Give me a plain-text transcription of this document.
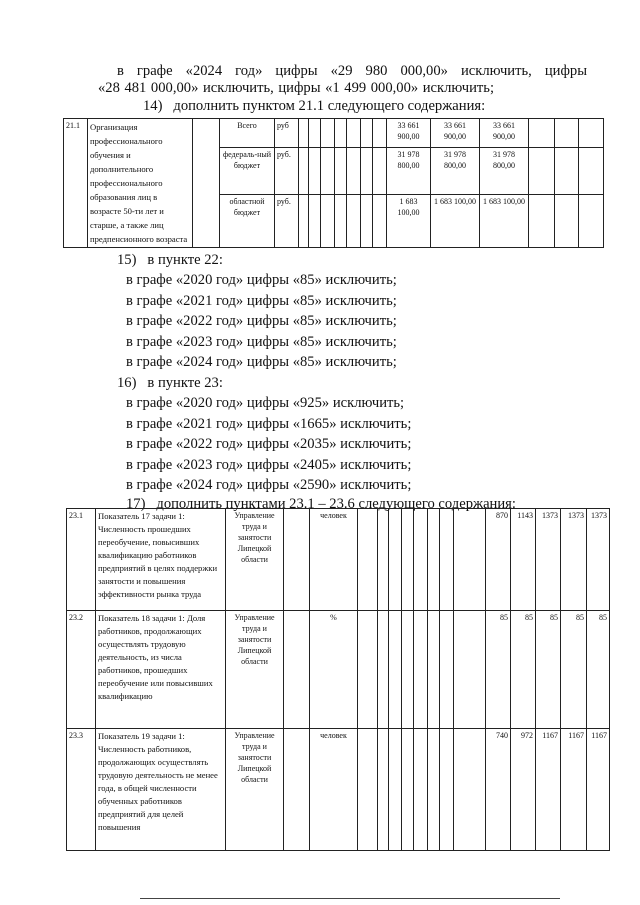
в графе «2024 год» цифры «29 980 000,00» исключить, цифры
«28 481 000,00» исключить, цифры «1 499 000,00» исключить;
14)   дополнить пунктом 21.1 следующего содержания:
21.1	Организация профессионального обучения и дополнительного профессионального образования лиц в возрасте 50-ти лет и старше, а также лиц предпенсионного возраста		Всего	руб								33 661 900,00	33 661 900,00	33 661 900,00			
			федераль-ный бюджет	руб.								31 978 800,00	31 978 800,00	31 978 800,00			
			областной бюджет	руб.								1 683 100,00	1 683 100,00	1 683 100,00			
15)   в пункте 22:
в графе «2020 год» цифры «85» исключить;
в графе «2021 год» цифры «85» исключить;
в графе «2022 год» цифры «85» исключить;
в графе «2023 год» цифры «85» исключить;
в графе «2024 год» цифры «85» исключить;
16)   в пункте 23:
в графе «2020 год» цифры «925» исключить;
в графе «2021 год» цифры «1665» исключить;
в графе «2022 год» цифры «2035» исключить;
в графе «2023 год» цифры «2405» исключить;
в графе «2024 год» цифры «2590» исключить;
17)   дополнить пунктами 23.1 – 23.6 следующего содержания:
23.1	Показатель 17 задачи 1: Численность прошедших переобучение, повысивших квалификацию работников предприятий в целях поддержки занятости и повышения эффективности рынка труда	Управление труда и занятости Липецкой области		человек									870	1143	1373	1373	1373
23.2	Показатель 18 задачи 1: Доля работников, продолжающих осуществлять трудовую деятельность, из числа работников, прошедших переобучение или повысивших квалификацию	Управление труда и занятости Липецкой области		%									85	85	85	85	85
23.3	Показатель 19 задачи 1: Численность работников, продолжающих осуществлять трудовую деятельность не менее года, в общей численности обученных работников предприятий для целей повышения	Управление труда и занятости Липецкой области		человек									740	972	1167	1167	1167
